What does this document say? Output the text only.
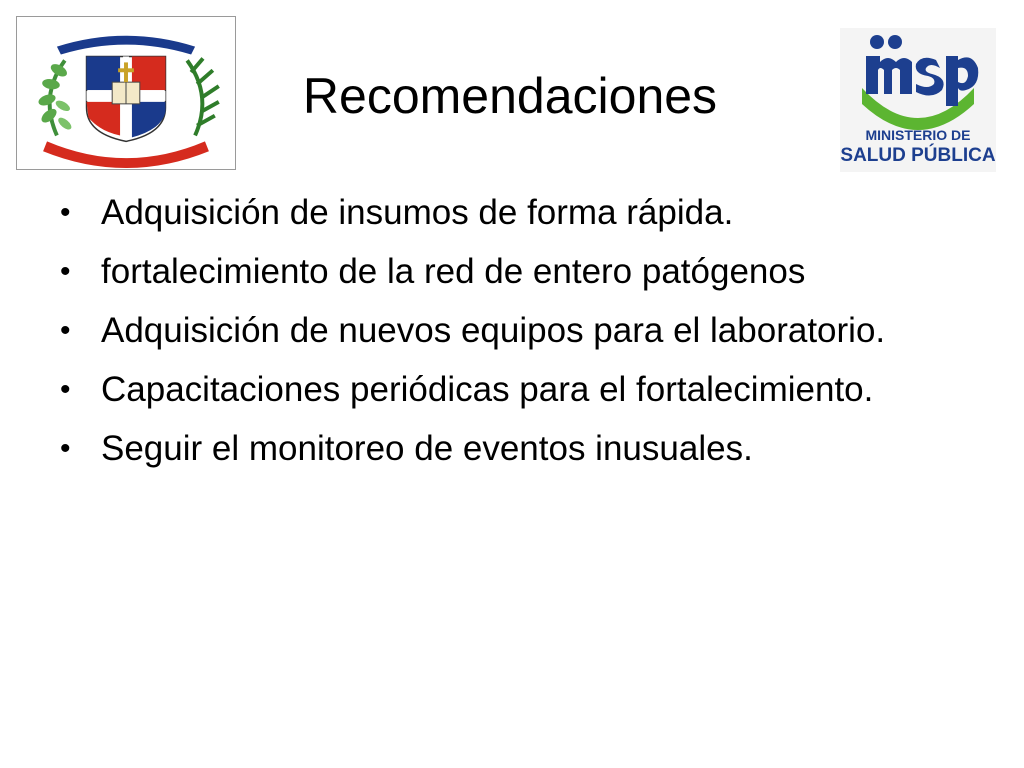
MINISTERIO DE
SALUD PÚBLICA
Recomendaciones
• Adquisición de insumos de forma rápida.
• fortalecimiento de la red de entero patógenos
• Adquisición de nuevos equipos para el laboratorio.
• Capacitaciones periódicas para el fortalecimiento.
• Seguir el monitoreo de eventos inusuales.
